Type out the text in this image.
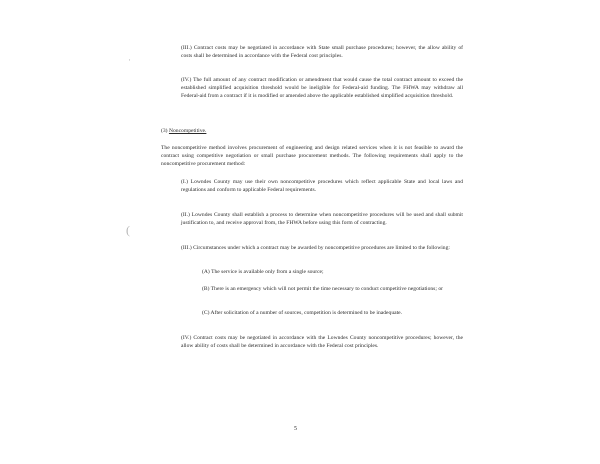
·
(

(III.) Contract costs may be negotiated in accordance with State small purchase procedures; however, the allow ability of costs shall be determined in accordance with the Federal cost principles.

(IV.) The full amount of any contract modification or amendment that would cause the total contract amount to exceed the established simplified acquisition threshold would be ineligible for Federal-aid funding. The FHWA may withdraw all Federal-aid from a contract if it is modified or amended above the applicable established simplified acquisition threshold.

(3) Noncompetitive.

The noncompetitive method involves procurement of engineering and design related services when it is not feasible to award the contract using competitive negotiation or small purchase procurement methods. The following requirements shall apply to the noncompetitive procurement method:

(I.) Lowndes County may use their own noncompetitive procedures which reflect applicable State and local laws and regulations and conform to applicable Federal requirements.

(II.) Lowndes County shall establish a process to determine when noncompetitive procedures will be used and shall submit justification to, and receive approval from, the FHWA before using this form of contracting.

(III.) Circumstances under which a contract may be awarded by noncompetitive procedures are limited to the following:

(A) The service is available only from a single source;

(B) There is an emergency which will not permit the time necessary to conduct competitive negotiations; or

(C) After solicitation of a number of sources, competition is determined to be inadequate.

(IV.) Contract costs may be negotiated in accordance with the Lowndes County noncompetitive procedures; however, the allow ability of costs shall be determined in accordance with the Federal cost principles.

5
